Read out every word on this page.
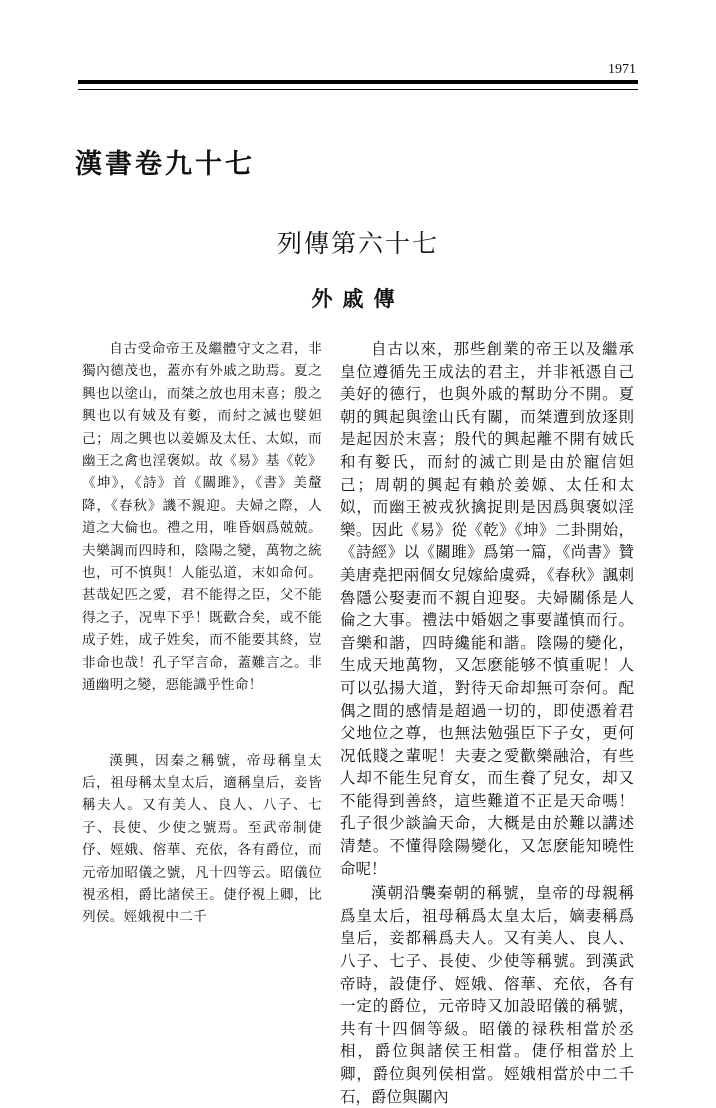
1971
漢書卷九十七
列傳第六十七
外戚傳

自古受命帝王及繼體守文之君，非獨內德茂也，蓋亦有外戚之助焉。夏之興也以塗山，而桀之放也用末喜；殷之興也以有娀及有㜪，而紂之滅也嬖妲己；周之興也以姜嫄及太任、太姒，而幽王之禽也淫褒姒。故《易》基《乾》《坤》，《詩》首《關雎》，《書》美釐降，《春秋》譏不親迎。夫婦之際，人道之大倫也。禮之用，唯昏姻爲兢兢。夫樂調而四時和，陰陽之變，萬物之統也，可不慎與！人能弘道，末如命何。甚哉妃匹之愛，君不能得之臣，父不能得之子，况卑下乎！既歡合矣，或不能成子姓，成子姓矣，而不能要其終，豈非命也哉！孔子罕言命，蓋難言之。非通幽明之變，惡能識乎性命！

漢興，因秦之稱號，帝母稱皇太后，祖母稱太皇太后，適稱皇后，妾皆稱夫人。又有美人、良人、八子、七子、長使、少使之號焉。至武帝制倢伃、娙娥、傛華、充依，各有爵位，而元帝加昭儀之號，凡十四等云。昭儀位視丞相，爵比諸侯王。倢伃視上卿，比列侯。娙娥視中二千

自古以來，那些創業的帝王以及繼承皇位遵循先王成法的君主，并非衹憑自己美好的德行，也與外戚的幫助分不開。夏朝的興起與塗山氏有關，而桀遭到放逐則是起因於末喜；殷代的興起離不開有娀氏和有㜪氏，而紂的滅亡則是由於寵信妲己；周朝的興起有賴於姜嫄、太任和太姒，而幽王被戎狄擒捉則是因爲與褒姒淫樂。因此《易》從《乾》《坤》二卦開始，《詩經》以《關雎》爲第一篇，《尚書》贊美唐堯把兩個女兒嫁給虞舜，《春秋》諷刺魯隱公娶妻而不親自迎娶。夫婦關係是人倫之大事。禮法中婚姻之事要謹慎而行。音樂和諧，四時纔能和諧。陰陽的變化，生成天地萬物，又怎麽能够不慎重呢！人可以弘揚大道，對待天命却無可奈何。配偶之間的感情是超過一切的，即使憑着君父地位之尊，也無法勉强臣下子女，更何况低賤之輩呢！夫妻之愛歡樂融洽，有些人却不能生兒育女，而生養了兒女，却又不能得到善終，這些難道不正是天命嗎！孔子很少談論天命，大概是由於難以講述清楚。不懂得陰陽變化，又怎麽能知曉性命呢！

漢朝沿襲秦朝的稱號，皇帝的母親稱爲皇太后，祖母稱爲太皇太后，嫡妻稱爲皇后，妾都稱爲夫人。又有美人、良人、八子、七子、長使、少使等稱號。到漢武帝時，設倢伃、娙娥、傛華、充依，各有一定的爵位，元帝時又加設昭儀的稱號，共有十四個等級。昭儀的禄秩相當於丞相，爵位與諸侯王相當。倢伃相當於上卿，爵位與列侯相當。娙娥相當於中二千石，爵位與關內
